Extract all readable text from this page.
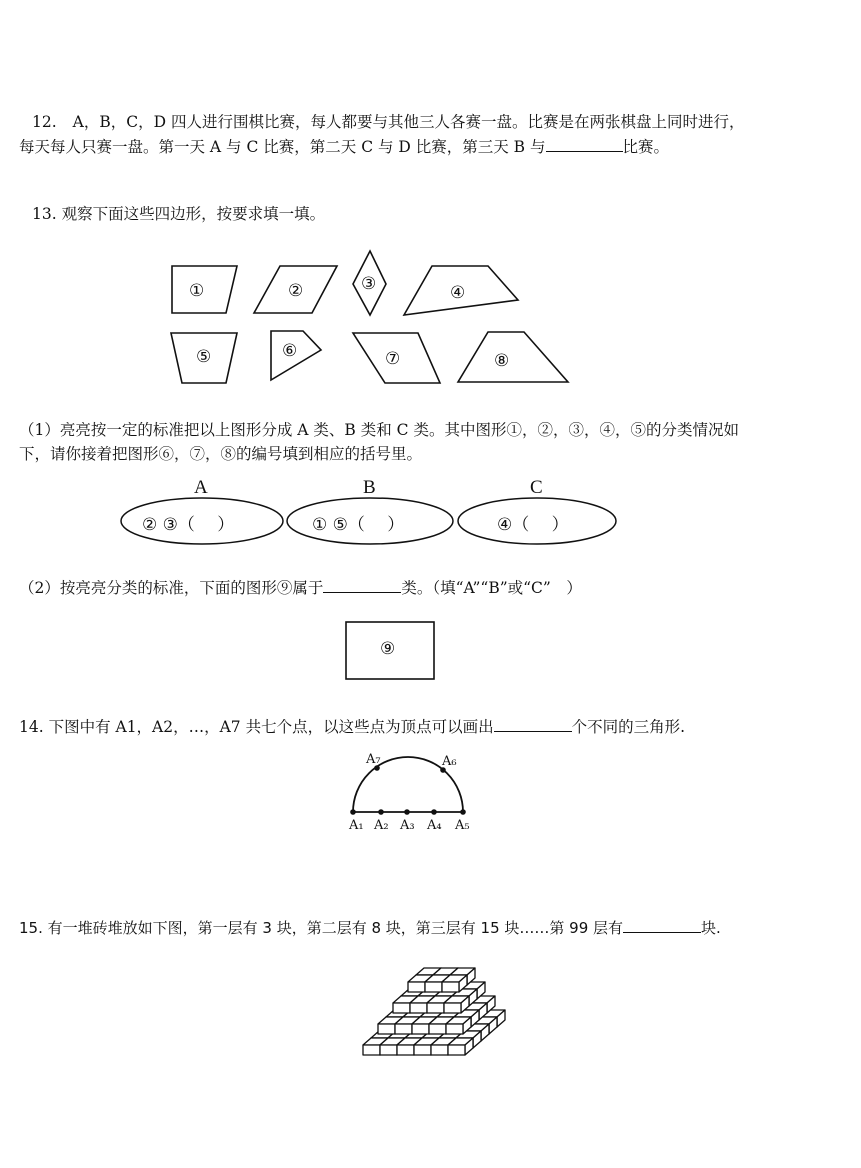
12. A，B，C，D 四人进行围棋比赛，每人都要与其他三人各赛一盘。比赛是在两张棋盘上同时进行，
每天每人只赛一盘。第一天 A 与 C 比赛，第二天 C 与 D 比赛，第三天 B 与	比赛。
13. 观察下面这些四边形，按要求填一填。
①	②	③	④
⑤	⑥	⑦	⑧
（1）亮亮按一定的标准把以上图形分成 A 类、B 类和 C 类。其中图形①，②，③，④，⑤的分类情况如
下，请你接着把图形⑥，⑦，⑧的编号填到相应的括号里。
A	B	C
② ③（　 ）	① ⑤（　 ）	④（　 ）
（2）按亮亮分类的标准，下面的图形⑨属于	类。（填“A”“B”或“C”　）
⑨
14. 下图中有 A1，A2，…，A7 共七个点，以这些点为顶点可以画出	个不同的三角形.
A₁ A₂ A₃ A₄ A₅
A₆
A₇
15. 有一堆砖堆放如下图，第一层有 3 块，第二层有 8 块，第三层有 15 块……第 99 层有	块.
